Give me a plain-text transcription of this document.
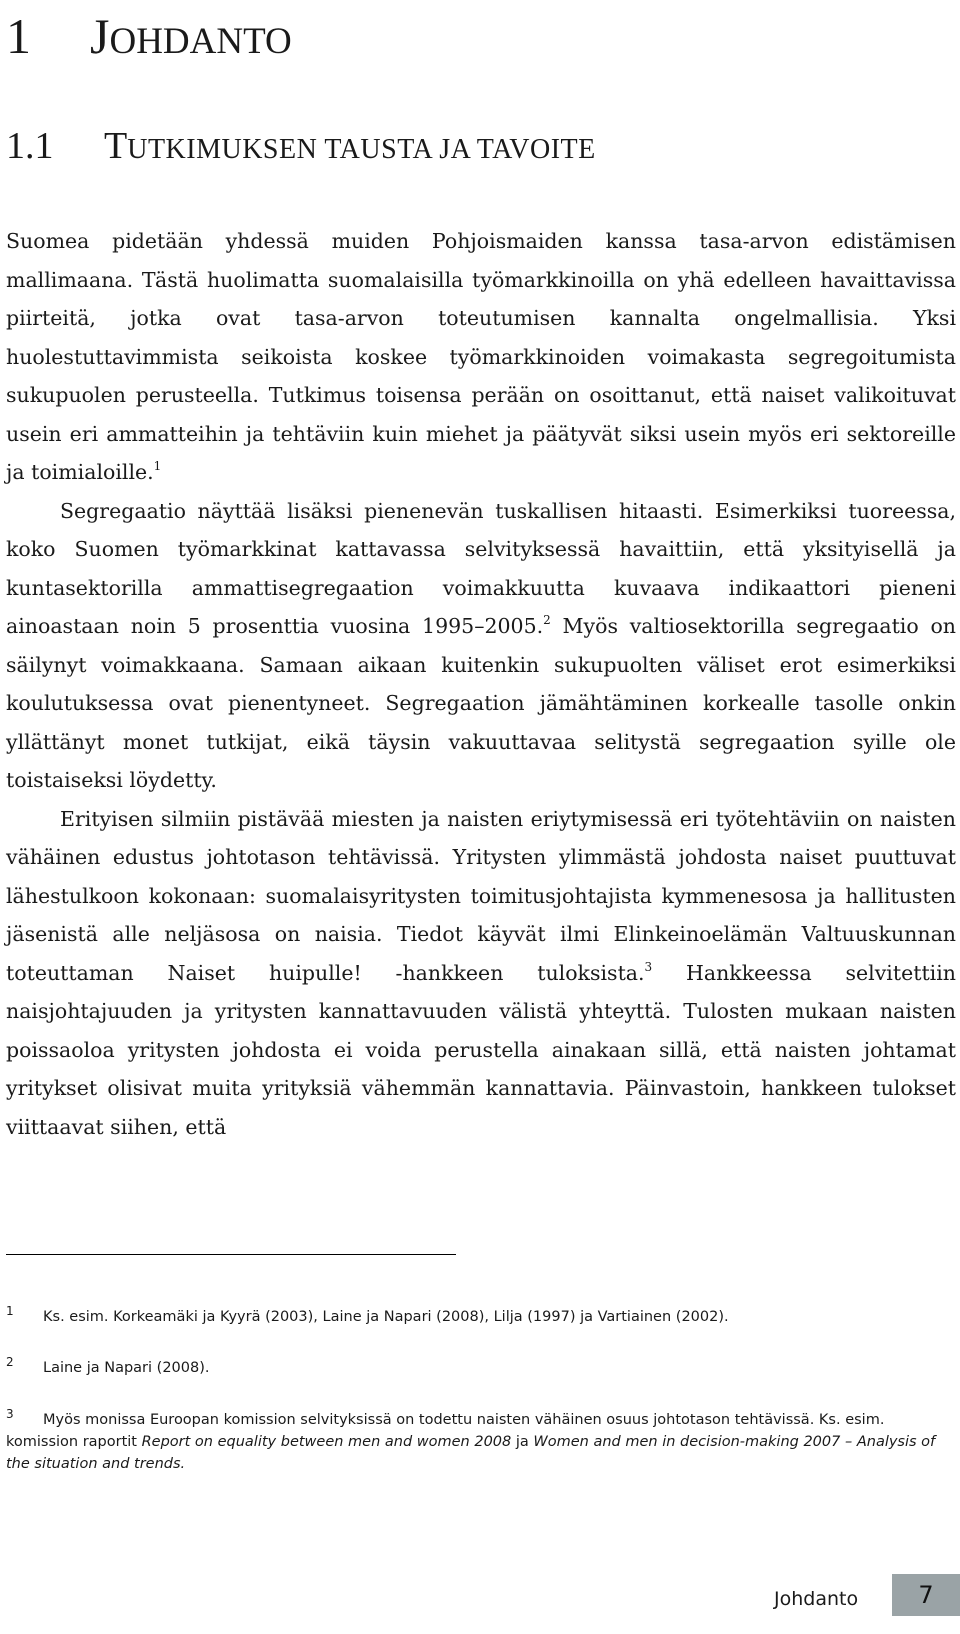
1 JOHDANTO
1.1 TUTKIMUKSEN TAUSTA JA TAVOITE

Suomea pidetään yhdessä muiden Pohjoismaiden kanssa tasa-arvon edistämisen mallimaana. Tästä huolimatta suomalaisilla työmarkkinoilla on yhä edelleen havaittavissa piirteitä, jotka ovat tasa-arvon toteutumisen kannalta ongelmallisia. Yksi huolestuttavimmista seikoista koskee työmarkkinoiden voimakasta segregoitumista sukupuolen perusteella. Tutkimus toisensa perään on osoittanut, että naiset valikoituvat usein eri ammatteihin ja tehtäviin kuin miehet ja päätyvät siksi usein myös eri sektoreille ja toimialoille.$^1$

Segregaatio näyttää lisäksi pienenevän tuskallisen hitaasti. Esimerkiksi tuoreessa, koko Suomen työmarkkinat kattavassa selvityksessä havaittiin, että yksityisellä ja kuntasektorilla ammattisegregaation voimakkuutta kuvaava indikaattori pieneni ainoastaan noin 5 prosenttia vuosina 1995–2005.$^2$ Myös valtiosektorilla segregaatio on säilynyt voimakkaana. Samaan aikaan kuitenkin sukupuolten väliset erot esimerkiksi koulutuksessa ovat pienentyneet. Segregaation jämähtäminen korkealle tasolle onkin yllättänyt monet tutkijat, eikä täysin vakuuttavaa selitystä segregaation syille ole toistaiseksi löydetty.

Erityisen silmiin pistävää miesten ja naisten eriytymisessä eri työtehtäviin on naisten vähäinen edustus johtotason tehtävissä. Yritysten ylimmästä johdosta naiset puuttuvat lähestulkoon kokonaan: suomalaisyritysten toimitusjohtajista kymmenesosa ja hallitusten jäsenistä alle neljäsosa on naisia. Tiedot käyvät ilmi Elinkeinoelämän Valtuuskunnan toteuttaman Naiset huipulle! -hankkeen tuloksista.$^3$ Hankkeessa selvitettiin naisjohtajuuden ja yritysten kannattavuuden välistä yhteyttä. Tulosten mukaan naisten poissaoloa yritysten johdosta ei voida perustella ainakaan sillä, että naisten johtamat yritykset olisivat muita yrityksiä vähemmän kannattavia. Päinvastoin, hankkeen tulokset viittaavat siihen, että

1 Ks. esim. Korkeamäki ja Kyyrä (2003), Laine ja Napari (2008), Lilja (1997) ja Vartiainen (2002).

2 Laine ja Napari (2008).

3 Myös monissa Euroopan komission selvityksissä on todettu naisten vähäinen osuus johtotason tehtävissä. Ks. esim. komission raportit Report on equality between men and women 2008 ja Women and men in decision-making 2007 – Analysis of the situation and trends.

Johdanto	7
